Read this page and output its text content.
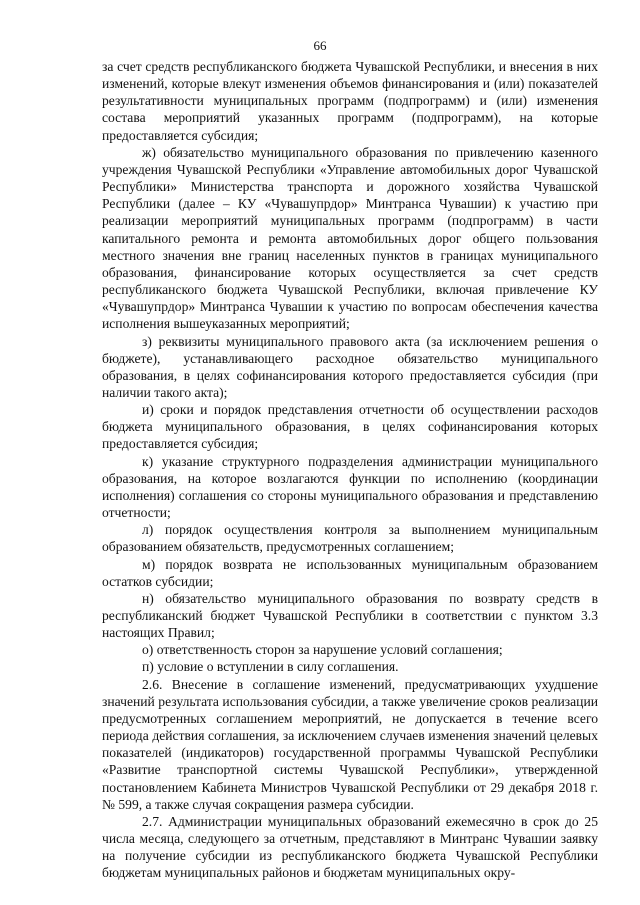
66

за счет средств республиканского бюджета Чувашской Республики, и внесения в них изменений, которые влекут изменения объемов финансирования и (или) показателей результативности муниципальных программ (подпрограмм) и (или) изменения состава мероприятий указанных программ (подпрограмм), на которые предоставляется субсидия;

ж) обязательство муниципального образования по привлечению казенного учреждения Чувашской Республики «Управление автомобильных дорог Чувашской Республики» Министерства транспорта и дорожного хозяйства Чувашской Республики (далее – КУ «Чувашупрдор» Минтранса Чувашии) к участию при реализации мероприятий муниципальных программ (подпрограмм) в части капитального ремонта и ремонта автомобильных дорог общего пользования местного значения вне границ населенных пунктов в границах муниципального образования, финансирование которых осуществляется за счет средств республиканского бюджета Чувашской Республики, включая привлечение КУ «Чувашупрдор» Минтранса Чувашии к участию по вопросам обеспечения качества исполнения вышеуказанных мероприятий;

з) реквизиты муниципального правового акта (за исключением решения о бюджете), устанавливающего расходное обязательство муниципального образования, в целях софинансирования которого предоставляется субсидия (при наличии такого акта);

и) сроки и порядок представления отчетности об осуществлении расходов бюджета муниципального образования, в целях софинансирования которых предоставляется субсидия;

к) указание структурного подразделения администрации муниципального образования, на которое возлагаются функции по исполнению (координации исполнения) соглашения со стороны муниципального образования и представлению отчетности;

л) порядок осуществления контроля за выполнением муниципальным образованием обязательств, предусмотренных соглашением;

м) порядок возврата не использованных муниципальным образованием остатков субсидии;

н) обязательство муниципального образования по возврату средств в республиканский бюджет Чувашской Республики в соответствии с пунктом 3.3 настоящих Правил;

о) ответственность сторон за нарушение условий соглашения;

п) условие о вступлении в силу соглашения.

2.6. Внесение в соглашение изменений, предусматривающих ухудшение значений результата использования субсидии, а также увеличение сроков реализации предусмотренных соглашением мероприятий, не допускается в течение всего периода действия соглашения, за исключением случаев изменения значений целевых показателей (индикаторов) государственной программы Чувашской Республики «Развитие транспортной системы Чувашской Республики», утвержденной постановлением Кабинета Министров Чувашской Республики от 29 декабря 2018 г. № 599, а также случая сокращения размера субсидии.

2.7. Администрации муниципальных образований ежемесячно в срок до 25 числа месяца, следующего за отчетным, представляют в Минтранс Чувашии заявку на получение субсидии из республиканского бюджета Чувашской Республики бюджетам муниципальных районов и бюджетам муниципальных окру-
